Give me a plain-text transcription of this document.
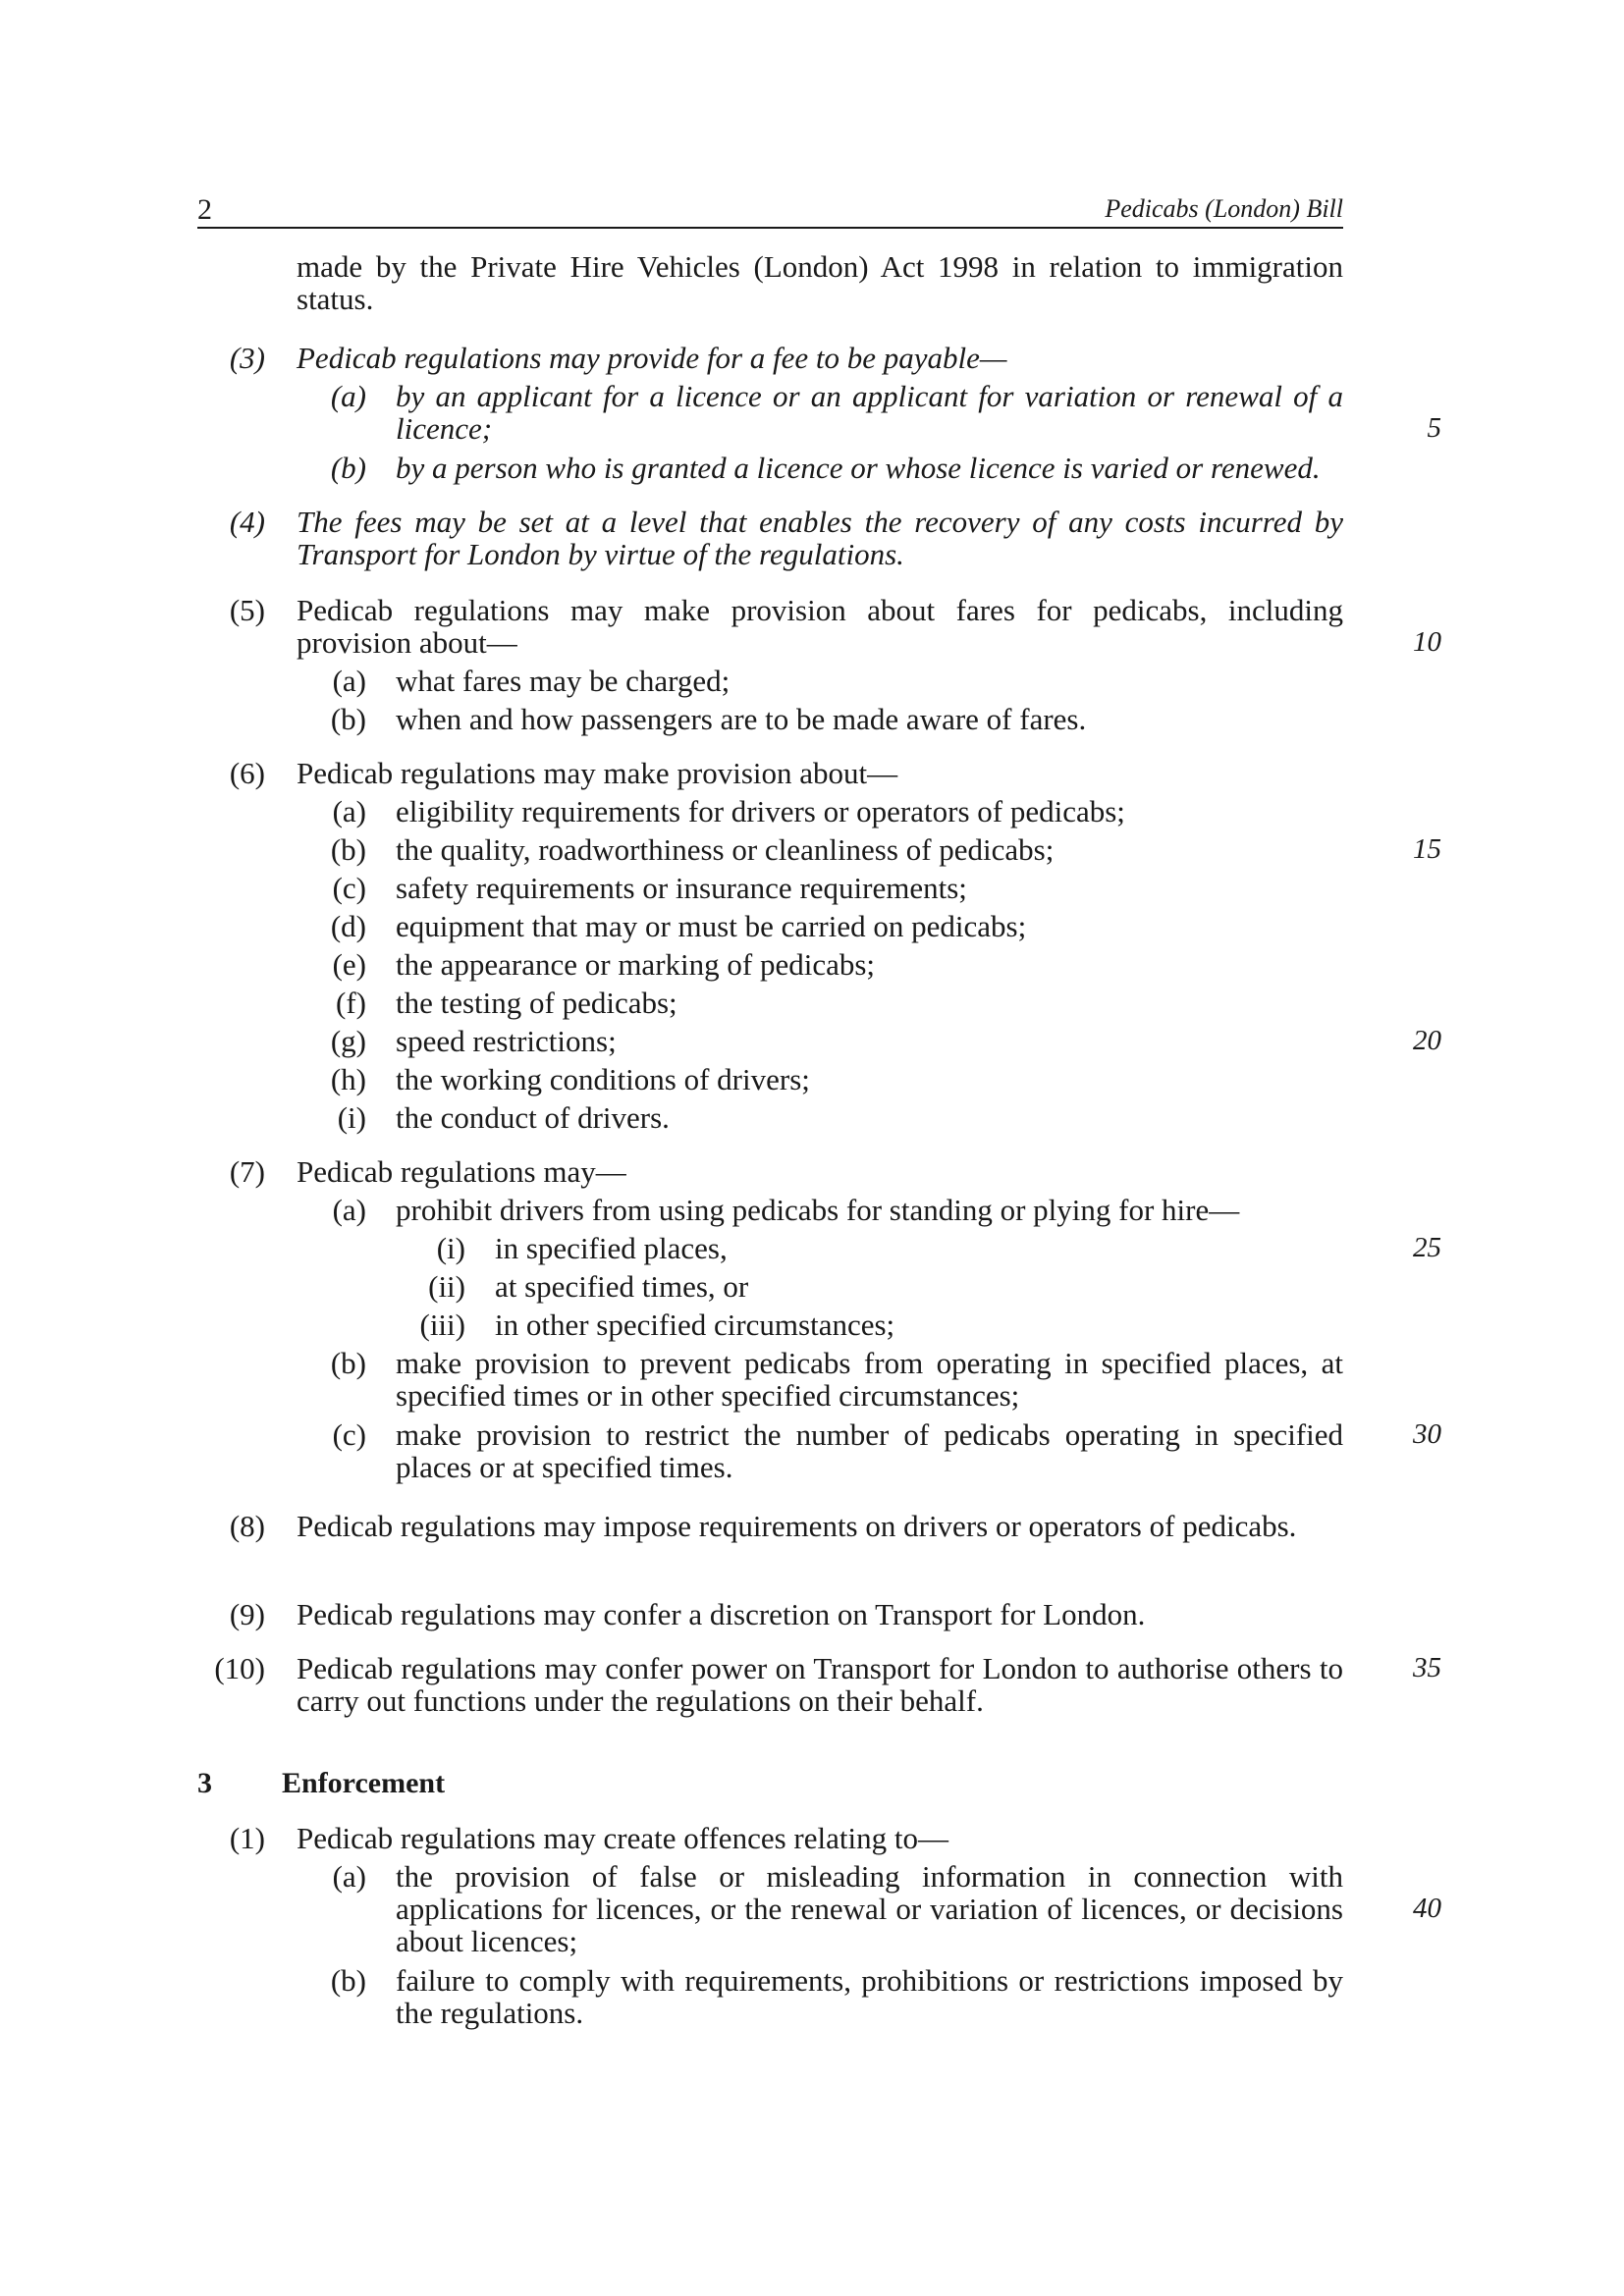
2	Pedicabs (London) Bill
made by the Private Hire Vehicles (London) Act 1998 in relation to immigration status.
(3) Pedicab regulations may provide for a fee to be payable—
(a) by an applicant for a licence or an applicant for variation or renewal of a licence;
(b) by a person who is granted a licence or whose licence is varied or renewed.
(4) The fees may be set at a level that enables the recovery of any costs incurred by Transport for London by virtue of the regulations.
(5) Pedicab regulations may make provision about fares for pedicabs, including provision about—
(a) what fares may be charged;
(b) when and how passengers are to be made aware of fares.
(6) Pedicab regulations may make provision about—
(a) eligibility requirements for drivers or operators of pedicabs;
(b) the quality, roadworthiness or cleanliness of pedicabs;
(c) safety requirements or insurance requirements;
(d) equipment that may or must be carried on pedicabs;
(e) the appearance or marking of pedicabs;
(f) the testing of pedicabs;
(g) speed restrictions;
(h) the working conditions of drivers;
(i) the conduct of drivers.
(7) Pedicab regulations may—
(a) prohibit drivers from using pedicabs for standing or plying for hire—
(i) in specified places,
(ii) at specified times, or
(iii) in other specified circumstances;
(b) make provision to prevent pedicabs from operating in specified places, at specified times or in other specified circumstances;
(c) make provision to restrict the number of pedicabs operating in specified places or at specified times.
(8) Pedicab regulations may impose requirements on drivers or operators of pedicabs.
(9) Pedicab regulations may confer a discretion on Transport for London.
(10) Pedicab regulations may confer power on Transport for London to authorise others to carry out functions under the regulations on their behalf.
3 Enforcement
(1) Pedicab regulations may create offences relating to—
(a) the provision of false or misleading information in connection with applications for licences, or the renewal or variation of licences, or decisions about licences;
(b) failure to comply with requirements, prohibitions or restrictions imposed by the regulations.
5
10
15
20
25
30
35
40
